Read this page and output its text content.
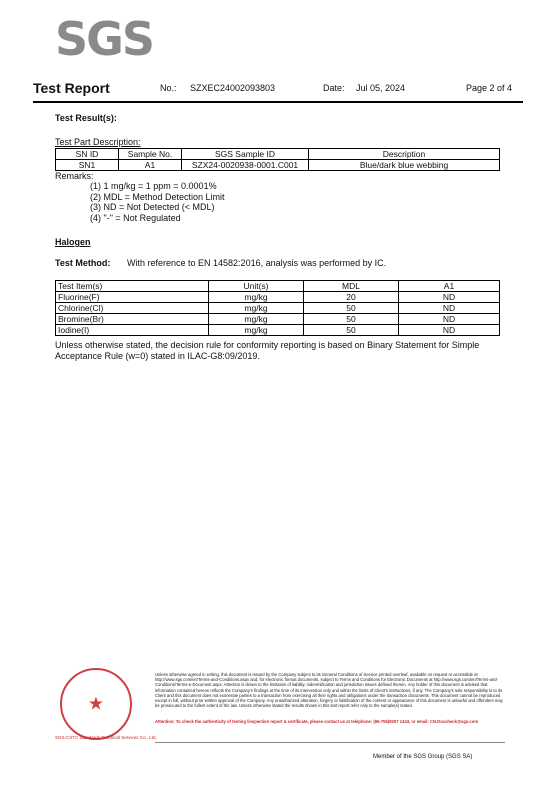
SGS
Test Report	No.: SZXEC24002093803	Date: Jul 05, 2024	Page 2 of 4
Test Result(s):
Test Part Description:
SN ID	Sample No.	SGS Sample ID	Description
SN1	A1	SZX24-0020938-0001.C001	Blue/dark blue webbing
Remarks:
(1) 1 mg/kg = 1 ppm = 0.0001%
(2) MDL = Method Detection Limit
(3) ND = Not Detected (< MDL)
(4) "-" = Not Regulated
Halogen
Test Method: With reference to EN 14582:2016, analysis was performed by IC.
Test Item(s)	Unit(s)	MDL	A1
Fluorine(F)	mg/kg	20	ND
Chlorine(Cl)	mg/kg	50	ND
Bromine(Br)	mg/kg	50	ND
Iodine(I)	mg/kg	50	ND
Unless otherwise stated, the decision rule for conformity reporting is based on Binary Statement for Simple Acceptance Rule (w=0) stated in ILAC-G8:09/2019.
★
SGS-CSTC Standards Technical Services Co., Ltd.
Unless otherwise agreed in writing, this document is issued by the Company subject to its General Conditions of Service printed overleaf, available on request or accessible at http://www.sgs.com/en/Terms-and-Conditions.aspx and, for electronic format documents, subject to Terms and Conditions for Electronic Documents at http://www.sgs.com/en/Terms-and-Conditions/Terms-e-Document.aspx. Attention is drawn to the limitation of liability, indemnification and jurisdiction issues defined therein. Any holder of this document is advised that information contained hereon reflects the Company's findings at the time of its intervention only and within the limits of Client's instructions, if any. The Company's sole responsibility is to its Client and this document does not exonerate parties to a transaction from exercising all their rights and obligations under the transaction documents. This document cannot be reproduced except in full, without prior written approval of the Company. Any unauthorized alteration, forgery or falsification of the content or appearance of this document is unlawful and offenders may be prosecuted to the fullest extent of the law. Unless otherwise stated the results shown in this test report refer only to the sample(s) tested.
Attention: To check the authenticity of testing /inspection report & certificate, please contact us at telephone: (86-755)8307 1443, or email: CN.Doccheck@sgs.com
Member of the SGS Group (SGS SA)
